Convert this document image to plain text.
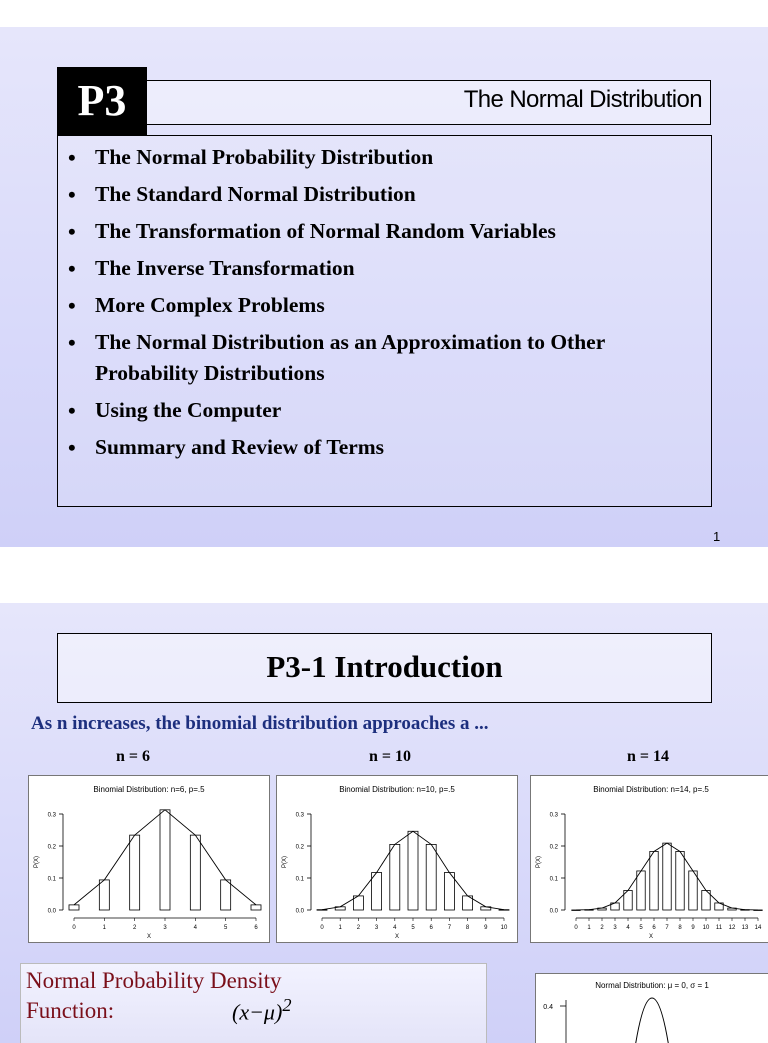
P3	The Normal Distribution
• The Normal Probability Distribution
• The Standard Normal Distribution
• The Transformation of Normal Random Variables
• The Inverse Transformation
• More Complex Problems
• The Normal Distribution as an Approximation to Other Probability Distributions
• Using the Computer
• Summary and Review of Terms
1
P3-1 Introduction
As n increases, the binomial distribution approaches a ...
n = 6	n = 10	n = 14
Binomial Distribution: n=6, p=.5
0.0
0.1
0.2
0.3
P(X)
0	1	2	3	4	5	6
X
Binomial Distribution: n=10, p=.5
0.0
0.1
0.2
0.3
P(X)
0 1 2 3 4 5 6 7 8 9 10
X
Binomial Distribution: n=14, p=.5
0.0
0.1
0.2
0.3
P(X)
0 1 2 3 4 5 6 7 8 9 10 11 12 13 14
X
Normal Probability Density
Function:	$(x-\mu)^2$
Normal Distribution: μ = 0, σ = 1
0.4
